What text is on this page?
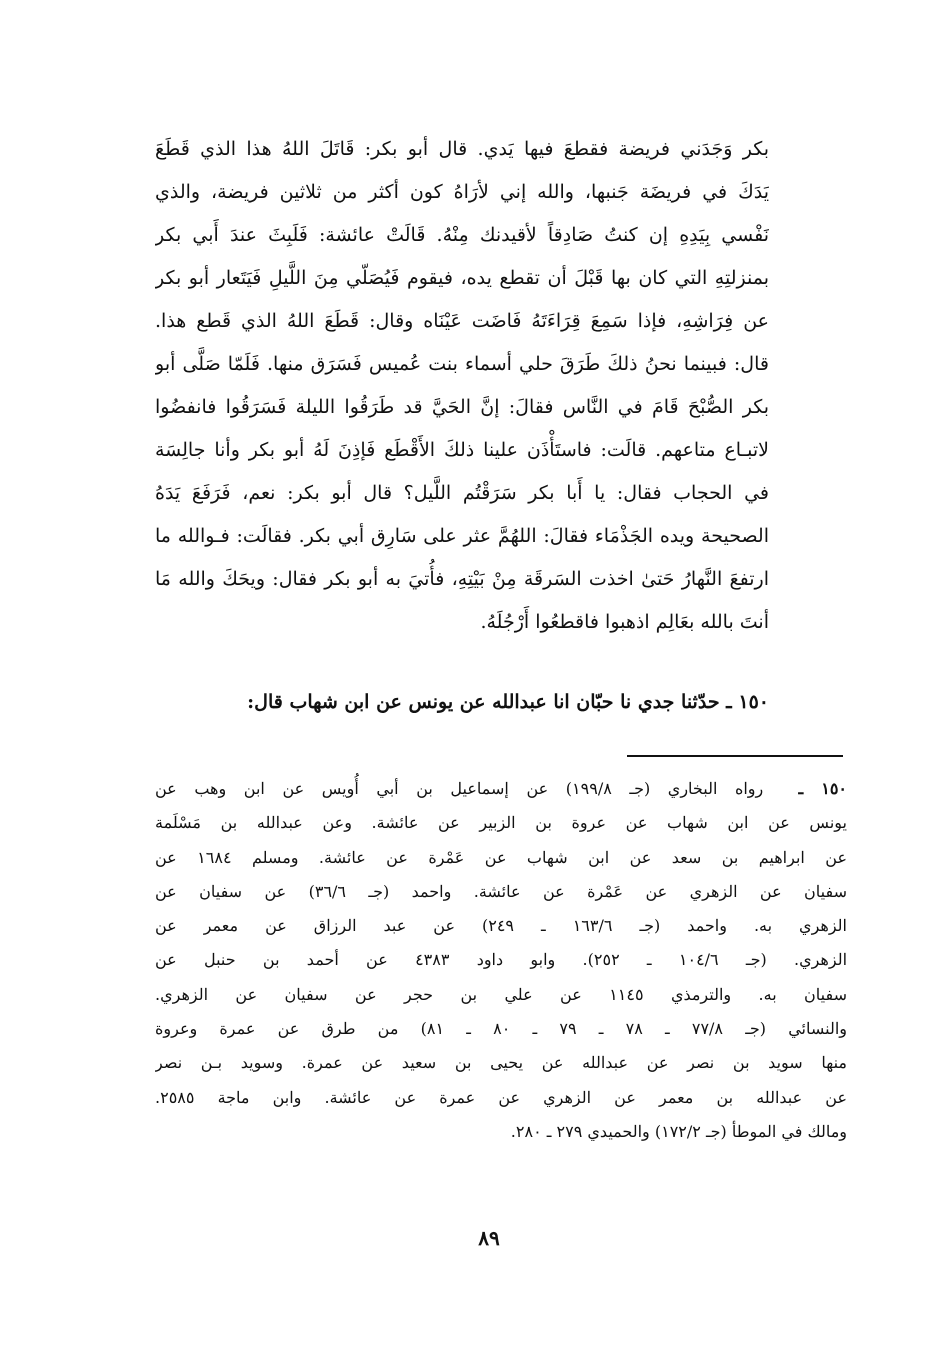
بكر وَجَدَني فريضة فقطعَ فيها يَدي. قال أبو بكر: قَاتَلَ اللهُ هذا الذي قَطَعَ
يَدَكَ في فريضَة جَنبها، والله إني لأرَاهُ كون أكثر من ثلاثين فريضة، والذي
نَفْسي بِيَدِهِ إن كنتُ صَادِقاً لأقيدنك مِنْهُ. قَالَتْ عائشة: فَلَبِثَ عندَ أَبي بكر
بمنزلتِهِ التي كان بها قَبْلَ أن تقطع يده، فيقوم فَيُصَلّي مِنَ اللَّيلِ فَيَتَعار أبو بكر
عن فِرَاشِهِ، فإذا سَمِعَ قِرَاءَتَهُ فَاضَت عَيْنَاه وقال: قَطَعَ اللهُ الذي قَطع هذا.
قال: فبينما نحنُ ذلكَ طَرَقَ حلي أسماء بنت عُميس فَسَرَق منها. فَلَمّا صَلَّى أبو
بكر الصُّبْحَ قَامَ في النَّاس فقالَ: إنَّ الحَيَّ قد طَرَقُوا الليلة فَسَرَقُوا فانفضُوا
لاتبـاع متاعهم. قالَت: فاستَأْذَن علينا ذلكَ الأَقْطَع فَإذِنَ لَهُ أبو بكر وأنا جالِسَة
في الحجاب فقال: يا أَبا بكر سَرَقْتُم اللَّيل؟ قال أبو بكر: نعم، فَرَفَعَ يَدَهُ
الصحيحة ويده الجَذْمَاء فقالَ: اللهُمَّ عثر على سَارِق أبي بكر. فقالَت: فـوالله ما
ارتفعَ النَّهارُ حَتىٰ اخذت السَرقَة مِنْ بَيْتِهِ، فأُتيَ به أبو بكر فقال: ويحَكَ والله مَا
أنتَ بالله بعَالِم اذهبوا فاقطعُوا أَرْجُلَهُ.
١٥٠ ـ حدّثنا جدي نا حبّان انا عبدالله عن يونس عن ابن شهاب قال:
١٥٠ ـ  رواه البخاري (جـ ١٩٩/٨) عن إسماعيل بن أبي أُويس عن ابن وهب عن
يونس عن ابن شهاب عن عروة بن الزبير عن عائشة. وعن عبدالله بن مَسْلَمة
عن ابراهيم بن سعد عن ابن شهاب عن عَمْرة عن عائشة. ومسلم ١٦٨٤ عن
سفيان عن الزهري عن عَمْرة عن عائشة. واحمد (جـ ٣٦/٦) عن سفيان عن
الزهري به. واحمد (جـ ١٦٣/٦ ـ ٢٤٩) عن عبد الرزاق عن معمر عن
الزهري. (جـ ١٠٤/٦ ـ ٢٥٢). وابو داود ٤٣٨٣ عن أحمد بن حنبل عن
سفيان به. والترمذي ١١٤٥ عن علي بن حجر عن سفيان عن الزهري.
والنسائي (جـ ٧٧/٨ ـ ٧٨ ـ ٧٩ ـ ٨٠ ـ ٨١) من طرق عن عمرة وعروة
منها سويد بن نصر عن عبدالله عن يحيى بن سعيد عن عمرة. وسويد بـن نصر
عن عبدالله بن معمر عن الزهري عن عمرة عن عائشة. وابن ماجة ٢٥٨٥.
ومالك في الموطأ (جـ ١٧٢/٢) والحميدي ٢٧٩ ـ ٢٨٠.
٨٩
